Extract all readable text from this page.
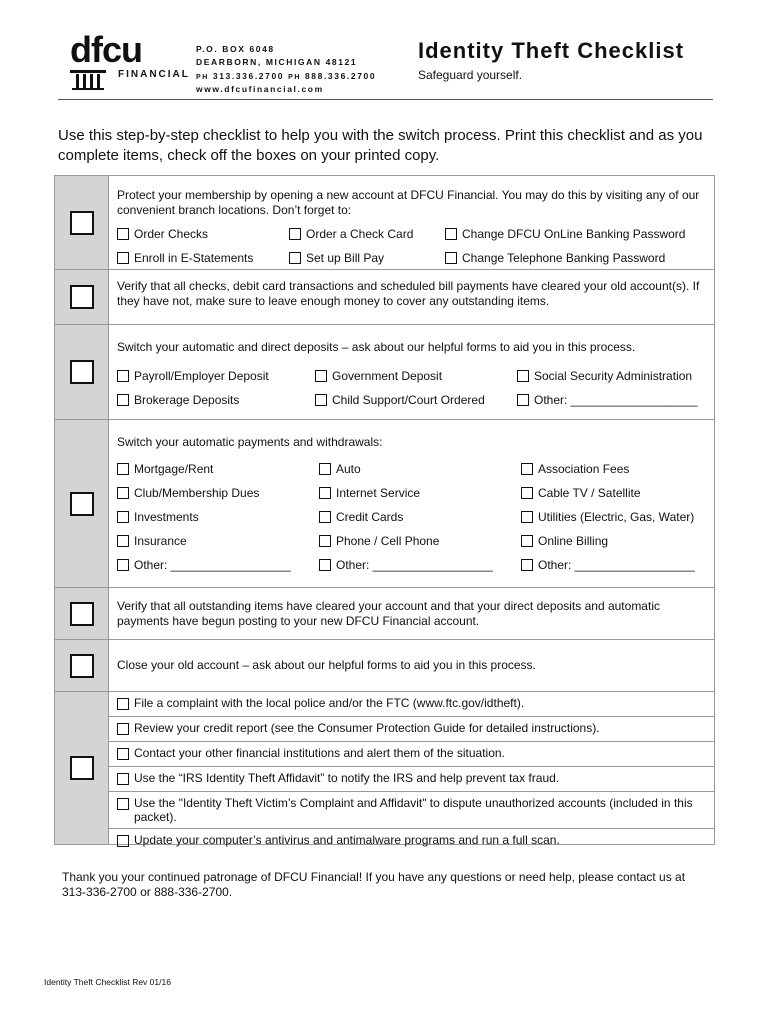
dfcu
FINANCIAL
P.O. BOX 6048
DEARBORN, MICHIGAN 48121
PH 313.336.2700 PH 888.336.2700
www.dfcufinancial.com
Identity Theft Checklist
Safeguard yourself.
Use this step-by-step checklist to help you with the switch process. Print this checklist and as you complete items, check off the boxes on your printed copy.
Protect your membership by opening a new account at DFCU Financial. You may do this by visiting any of our convenient branch locations. Don’t forget to:
Order Checks	Order a Check Card	Change DFCU OnLine Banking Password
Enroll in E-Statements	Set up Bill Pay	Change Telephone Banking Password
Verify that all checks, debit card transactions and scheduled bill payments have cleared your old account(s). If they have not, make sure to leave enough money to cover any outstanding items.
Switch your automatic and direct deposits – ask about our helpful forms to aid you in this process.
Payroll/Employer Deposit	Government Deposit	Social Security Administration
Brokerage Deposits	Child Support/Court Ordered	Other: ___________________
Switch your automatic payments and withdrawals:
Mortgage/Rent	Auto	Association Fees
Club/Membership Dues	Internet Service	Cable TV / Satellite
Investments	Credit Cards	Utilities (Electric, Gas, Water)
Insurance	Phone / Cell Phone	Online Billing
Other: __________________	Other: __________________	Other: __________________
Verify that all outstanding items have cleared your account and that your direct deposits and automatic payments have begun posting to your new DFCU Financial account.
Close your old account – ask about our helpful forms to aid you in this process.
File a complaint with the local police and/or the FTC (www.ftc.gov/idtheft).
Review your credit report (see the Consumer Protection Guide for detailed instructions).
Contact your other financial institutions and alert them of the situation.
Use the “IRS Identity Theft Affidavit” to notify the IRS and help prevent tax fraud.
Use the "Identity Theft Victim’s Complaint and Affidavit" to dispute unauthorized accounts (included in this packet).
Update your computer’s antivirus and antimalware programs and run a full scan.
Thank you your continued patronage of DFCU Financial! If you have any questions or need help, please contact us at 313-336-2700 or 888-336-2700.
Identity Theft Checklist Rev 01/16
